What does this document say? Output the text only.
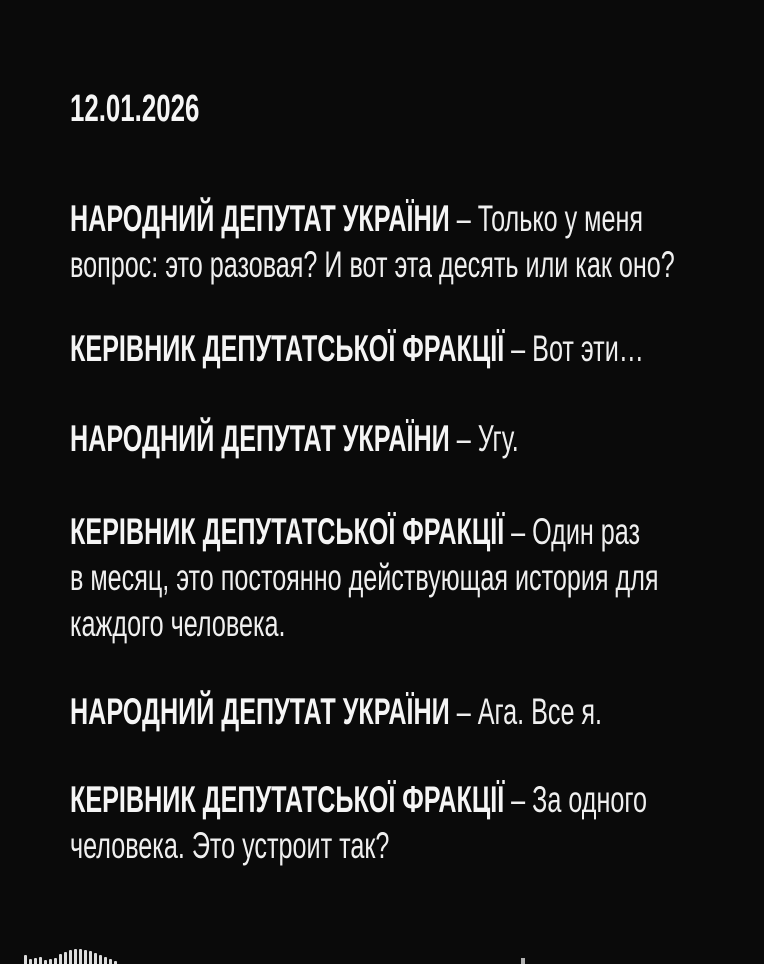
12.01.2026
НАРОДНИЙ ДЕПУТАТ УКРАЇНИ – Только у меня
вопрос: это разовая? И вот эта десять или как оно?
КЕРІВНИК ДЕПУТАТСЬКОЇ ФРАКЦІЇ – Вот эти…
НАРОДНИЙ ДЕПУТАТ УКРАЇНИ – Угу.
КЕРІВНИК ДЕПУТАТСЬКОЇ ФРАКЦІЇ – Один раз
в месяц, это постоянно действующая история для
каждого человека.
НАРОДНИЙ ДЕПУТАТ УКРАЇНИ – Ага. Все я.
КЕРІВНИК ДЕПУТАТСЬКОЇ ФРАКЦІЇ – За одного
человека. Это устроит так?
